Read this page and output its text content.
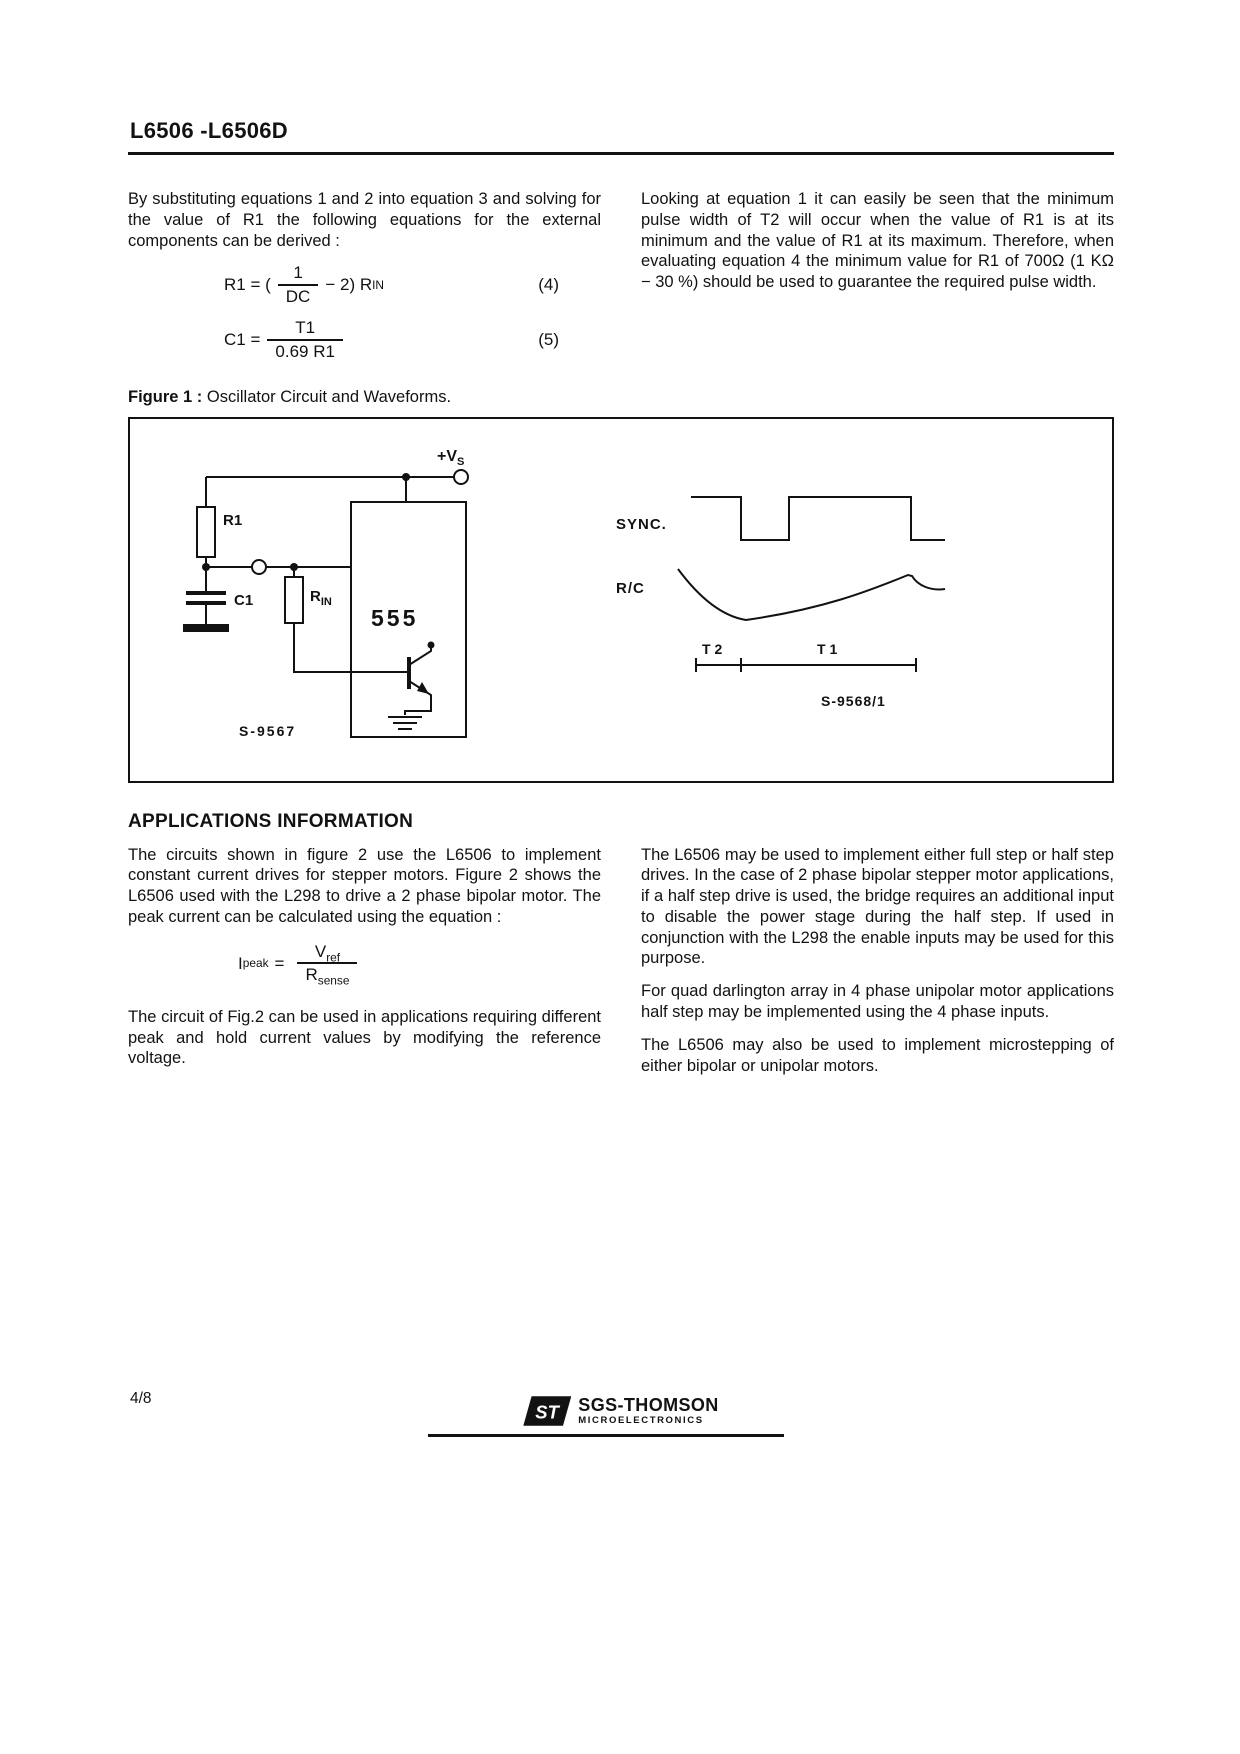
L6506 -L6506D

By substituting equations 1 and 2 into equation 3 and solving for the value of R1 the following equations for the external components can be derived :

R1 = ( $\frac{1}{DC} - 2$) R IN	(4)
$C1 = \frac{T1}{0.69 R1}$	(5)

Looking at equation 1 it can easily be seen that the minimum pulse width of T2 will occur when the value of R1 is at its minimum and the value of R1 at its maximum. Therefore, when evaluating equation 4 the minimum value for R1 of 700Ω (1 KΩ − 30 %) should be used to guarantee the required pulse width.

Figure 1 : Oscillator Circuit and Waveforms.
$+V_S$
R1
C1	$R_{IN}$
555
S-9567
SYNC.
R/C
T 2	T 1
S-9568/1
APPLICATIONS INFORMATION

The circuits shown in figure 2 use the L6506 to implement constant current drives for stepper motors. Figure 2 shows the L6506 used with the L298 to drive a 2 phase bipolar motor. The peak current can be calculated using the equation :

I peak = $\frac{V_{ref}}{R_{sense}}$

The circuit of Fig.2 can be used in applications requiring different peak and hold current values by modifying the reference voltage.

The L6506 may be used to implement either full step or half step drives. In the case of 2 phase bipolar stepper motor applications, if a half step drive is used, the bridge requires an additional input to disable the power stage during the half step. If used in conjunction with the L298 the enable inputs may be used for this purpose.

For quad darlington array in 4 phase unipolar motor applications half step may be implemented using the 4 phase inputs.

The L6506 may also be used to implement microstepping of either bipolar or unipolar motors.

4/8
ST SGS-THOMSON
MICROELECTRONICS
